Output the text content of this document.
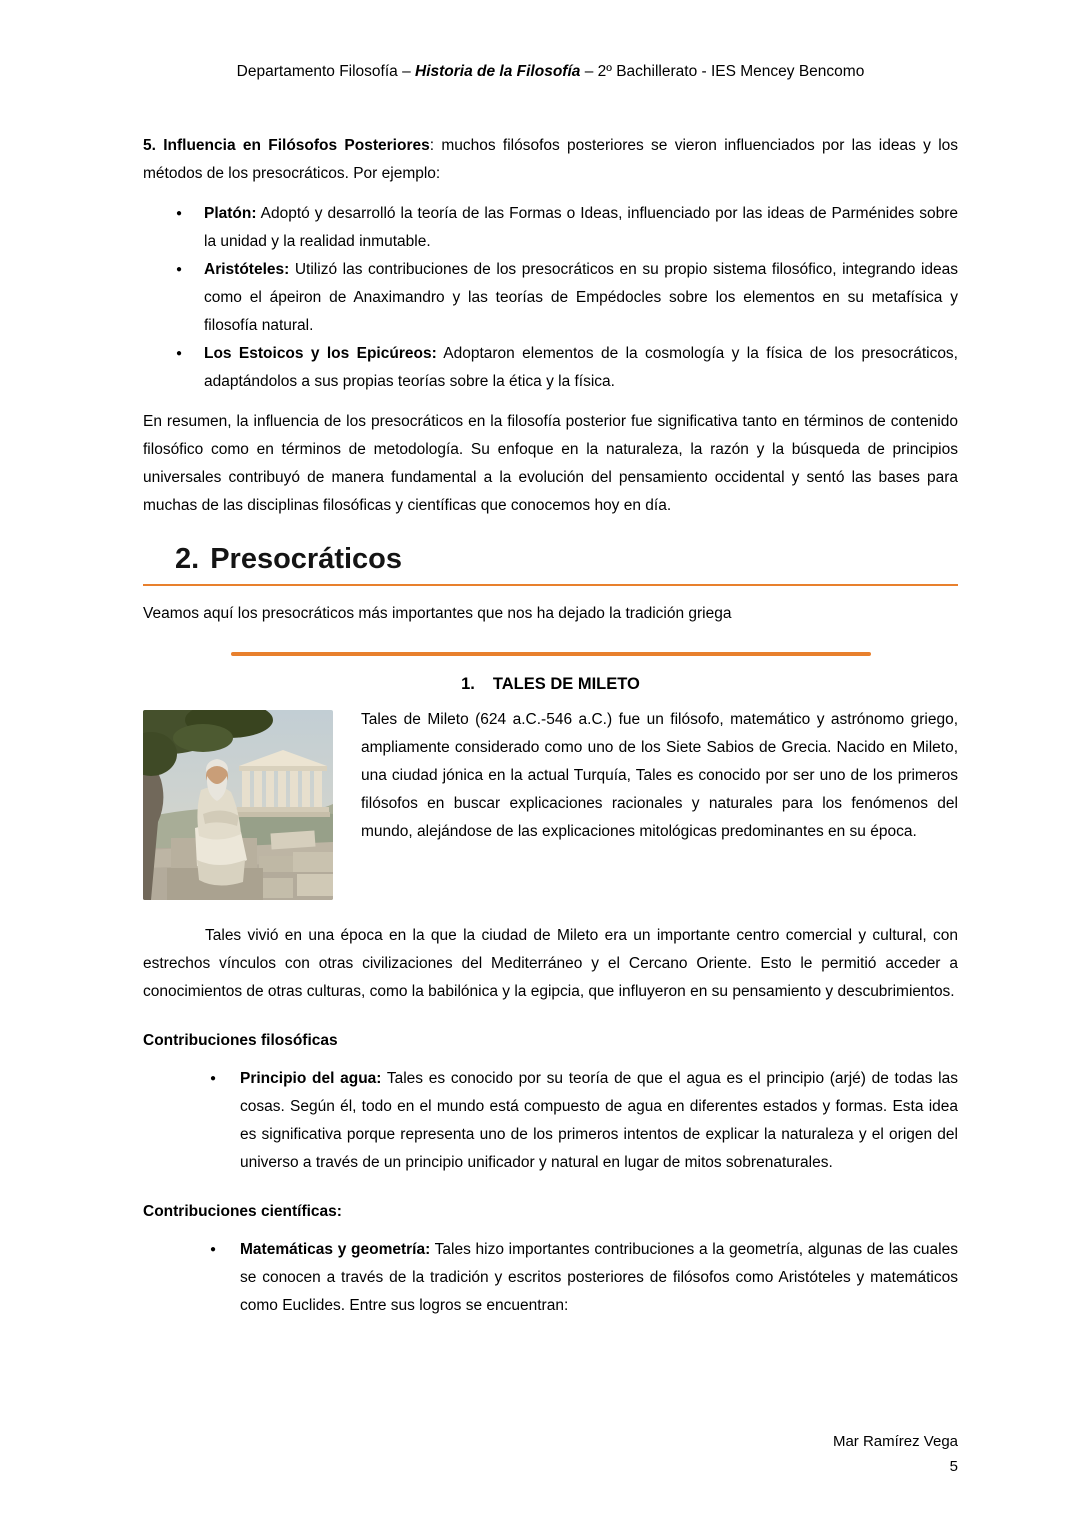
Departamento Filosofía – Historia de la Filosofía – 2º Bachillerato - IES Mencey Bencomo

5. Influencia en Filósofos Posteriores: muchos filósofos posteriores se vieron influenciados por las ideas y los métodos de los presocráticos. Por ejemplo:

● Platón: Adoptó y desarrolló la teoría de las Formas o Ideas, influenciado por las ideas de Parménides sobre la unidad y la realidad inmutable.
● Aristóteles: Utilizó las contribuciones de los presocráticos en su propio sistema filosófico, integrando ideas como el ápeiron de Anaximandro y las teorías de Empédocles sobre los elementos en su metafísica y filosofía natural.
● Los Estoicos y los Epicúreos: Adoptaron elementos de la cosmología y la física de los presocráticos, adaptándolos a sus propias teorías sobre la ética y la física.

En resumen, la influencia de los presocráticos en la filosofía posterior fue significativa tanto en términos de contenido filosófico como en términos de metodología. Su enfoque en la naturaleza, la razón y la búsqueda de principios universales contribuyó de manera fundamental a la evolución del pensamiento occidental y sentó las bases para muchas de las disciplinas filosóficas y científicas que conocemos hoy en día.

2. Presocráticos

Veamos aquí los presocráticos más importantes que nos ha dejado la tradición griega

1. TALES DE MILETO

Tales de Mileto (624 a.C.-546 a.C.) fue un filósofo, matemático y astrónomo griego, ampliamente considerado como uno de los Siete Sabios de Grecia. Nacido en Mileto, una ciudad jónica en la actual Turquía, Tales es conocido por ser uno de los primeros filósofos en buscar explicaciones racionales y naturales para los fenómenos del mundo, alejándose de las explicaciones mitológicas predominantes en su época.

Tales vivió en una época en la que la ciudad de Mileto era un importante centro comercial y cultural, con estrechos vínculos con otras civilizaciones del Mediterráneo y el Cercano Oriente. Esto le permitió acceder a conocimientos de otras culturas, como la babilónica y la egipcia, que influyeron en su pensamiento y descubrimientos.

Contribuciones filosóficas

● Principio del agua: Tales es conocido por su teoría de que el agua es el principio (arjé) de todas las cosas. Según él, todo en el mundo está compuesto de agua en diferentes estados y formas. Esta idea es significativa porque representa uno de los primeros intentos de explicar la naturaleza y el origen del universo a través de un principio unificador y natural en lugar de mitos sobrenaturales.

Contribuciones científicas:

● Matemáticas y geometría: Tales hizo importantes contribuciones a la geometría, algunas de las cuales se conocen a través de la tradición y escritos posteriores de filósofos como Aristóteles y matemáticos como Euclides. Entre sus logros se encuentran:
Mar Ramírez Vega
5
